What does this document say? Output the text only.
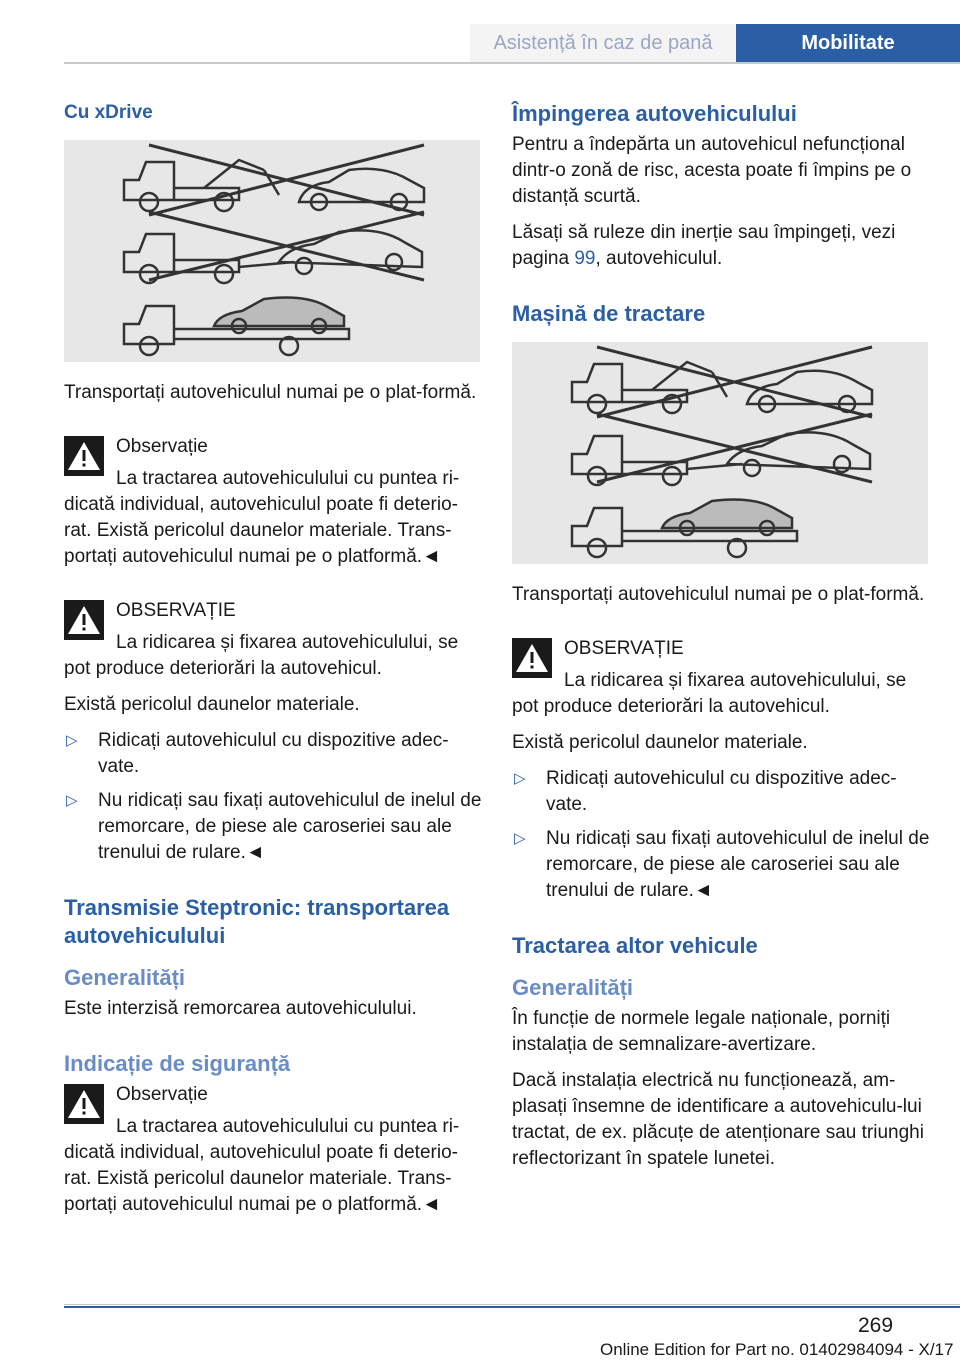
Asistență în caz de pană	Mobilitate
Cu xDrive

Transportați autovehiculul numai pe o plat-formă.

Observație

La tractarea autovehiculului cu puntea ri-dicată individual, autovehiculul poate fi deterio-rat. Există pericolul daunelor materiale. Trans-portați autovehiculul numai pe o platformă.◄

OBSERVAȚIE

La ridicarea și fixarea autovehiculului, se pot produce deteriorări la autovehicul.

Există pericolul daunelor materiale.

▷ Ridicați autovehiculul cu dispozitive adec-vate.
▷ Nu ridicați sau fixați autovehiculul de inelul de remorcare, de piese ale caroseriei sau ale trenului de rulare.◄
Transmisie Steptronic: transportarea autovehiculului
Generalități

Este interzisă remorcarea autovehiculului.

Indicație de siguranță
Observație

La tractarea autovehiculului cu puntea ri-dicată individual, autovehiculul poate fi deterio-rat. Există pericolul daunelor materiale. Trans-portați autovehiculul numai pe o platformă.◄

Împingerea autovehiculului

Pentru a îndepărta un autovehicul nefuncțional dintr-o zonă de risc, acesta poate fi împins pe o distanță scurtă.

Lăsați să ruleze din inerție sau împingeți, vezi pagina 99, autovehiculul.

Mașină de tractare

Transportați autovehiculul numai pe o plat-formă.

OBSERVAȚIE

La ridicarea și fixarea autovehiculului, se pot produce deteriorări la autovehicul.

Există pericolul daunelor materiale.

▷ Ridicați autovehiculul cu dispozitive adec-vate.
▷ Nu ridicați sau fixați autovehiculul de inelul de remorcare, de piese ale caroseriei sau ale trenului de rulare.◄
Tractarea altor vehicule
Generalități

În funcție de normele legale naționale, porniți instalația de semnalizare-avertizare.

Dacă instalația electrică nu funcționează, am-plasați însemne de identificare a autovehiculu-lui tractat, de ex. plăcuțe de atenționare sau triunghi reflectorizant în spatele lunetei.

269
Online Edition for Part no. 01402984094 - X/17
